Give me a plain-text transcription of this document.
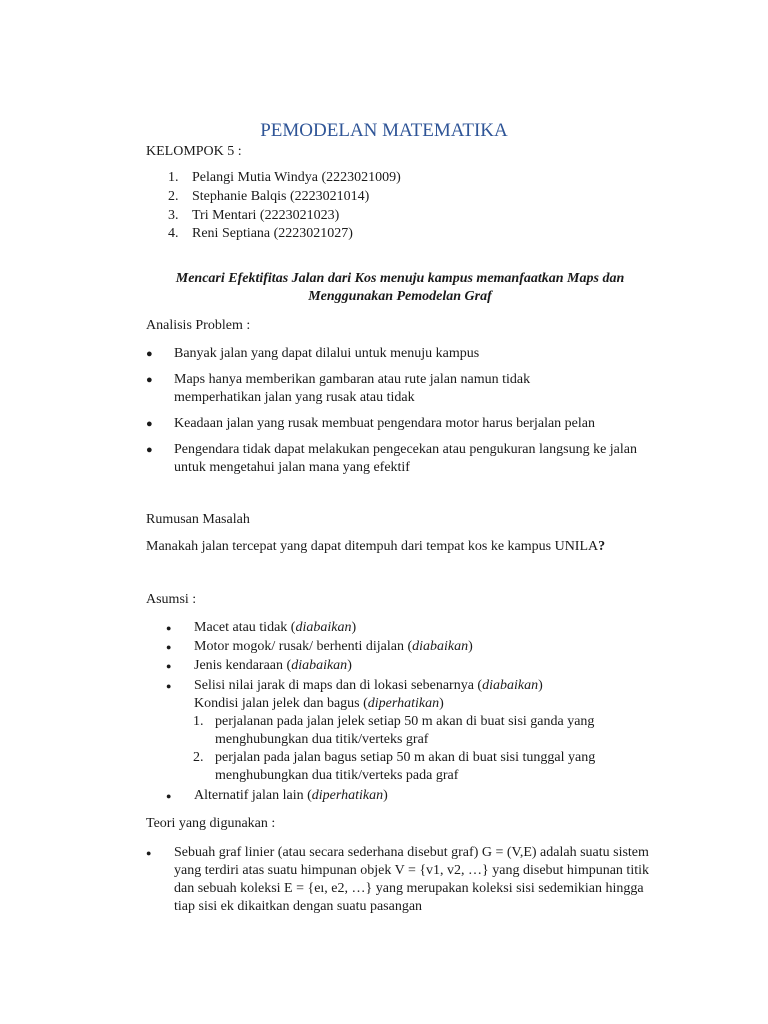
PEMODELAN MATEMATIKA
KELOMPOK 5 :
1. Pelangi Mutia Windya (2223021009)
2. Stephanie Balqis (2223021014)
3. Tri Mentari (2223021023)
4. Reni Septiana (2223021027)
Mencari Efektifitas Jalan dari Kos menuju kampus memanfaatkan Maps dan Menggunakan Pemodelan Graf
Analisis Problem :
● Banyak jalan yang dapat dilalui untuk menuju kampus
● Maps hanya memberikan gambaran atau rute jalan namun tidak memperhatikan jalan yang rusak atau tidak
● Keadaan jalan yang rusak membuat pengendara motor harus berjalan pelan
● Pengendara tidak dapat melakukan pengecekan atau pengukuran langsung ke jalan untuk mengetahui jalan mana yang efektif
Rumusan Masalah
Manakah jalan tercepat yang dapat ditempuh dari tempat kos ke kampus UNILA?
Asumsi :
● Macet atau tidak (diabaikan)
● Motor mogok/ rusak/ berhenti dijalan (diabaikan)
● Jenis kendaraan (diabaikan)
● Selisi nilai jarak di maps dan di lokasi sebenarnya (diabaikan)
Kondisi jalan jelek dan bagus (diperhatikan)
1. perjalanan pada jalan jelek setiap 50 m akan di buat sisi ganda yang menghubungkan dua titik/verteks graf
2. perjalan pada jalan bagus setiap 50 m akan di buat sisi tunggal yang menghubungkan dua titik/verteks pada graf
● Alternatif jalan lain (diperhatikan)
Teori yang digunakan :
● Sebuah graf linier (atau secara sederhana disebut graf) G = (V,E) adalah suatu sistem yang terdiri atas suatu himpunan objek V = {v1, v2, …} yang disebut himpunan titik dan sebuah koleksi E = {eı, e2, …} yang merupakan koleksi sisi sedemikian hingga tiap sisi ek dikaitkan dengan suatu pasangan
